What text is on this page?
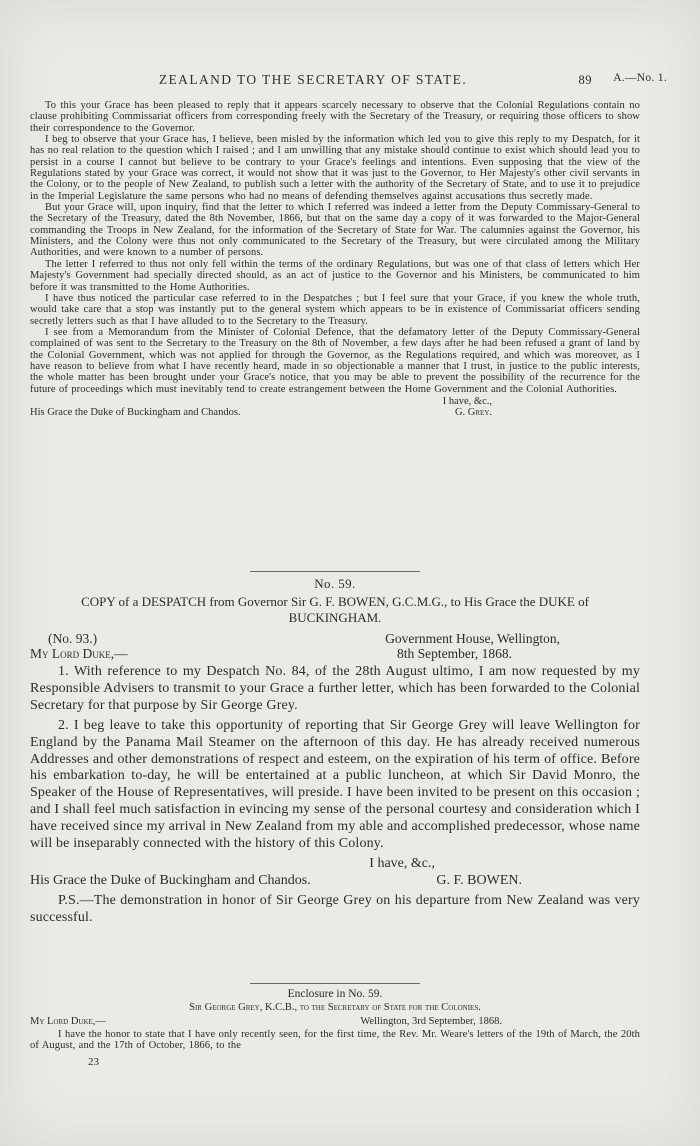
ZEALAND TO THE SECRETARY OF STATE.	89 A.—No. 1.

To this your Grace has been pleased to reply that it appears scarcely necessary to observe that the Colonial Regulations contain no clause prohibiting Commissariat officers from corresponding freely with the Secretary of the Treasury, or requiring those officers to show their correspondence to the Governor.

I beg to observe that your Grace has, I believe, been misled by the information which led you to give this reply to my Despatch, for it has no real relation to the question which I raised ; and I am unwilling that any mistake should continue to exist which should lead you to persist in a course I cannot but believe to be contrary to your Grace's feelings and intentions. Even supposing that the view of the Regulations stated by your Grace was correct, it would not show that it was just to the Governor, to Her Majesty's other civil servants in the Colony, or to the people of New Zealand, to publish such a letter with the authority of the Secretary of State, and to use it to prejudice in the Imperial Legislature the same persons who had no means of defending themselves against accusations thus secretly made.

But your Grace will, upon inquiry, find that the letter to which I referred was indeed a letter from the Deputy Commissary-General to the Secretary of the Treasury, dated the 8th November, 1866, but that on the same day a copy of it was forwarded to the Major-General commanding the Troops in New Zealand, for the information of the Secretary of State for War. The calumnies against the Governor, his Ministers, and the Colony were thus not only communicated to the Secretary of the Treasury, but were circulated among the Military Authorities, and were known to a number of persons.

The letter I referred to thus not only fell within the terms of the ordinary Regulations, but was one of that class of letters which Her Majesty's Government had specially directed should, as an act of justice to the Governor and his Ministers, be communicated to him before it was transmitted to the Home Authorities.

I have thus noticed the particular case referred to in the Despatches ; but I feel sure that your Grace, if you knew the whole truth, would take care that a stop was instantly put to the general system which appears to be in existence of Commissariat officers sending secretly letters such as that I have alluded to to the Secretary to the Treasury.

I see from a Memorandum from the Minister of Colonial Defence, that the defamatory letter of the Deputy Commissary-General complained of was sent to the Secretary to the Treasury on the 8th of November, a few days after he had been refused a grant of land by the Colonial Government, which was not applied for through the Governor, as the Regulations required, and which was moreover, as I have reason to believe from what I have recently heard, made in so objectionable a manner that I trust, in justice to the public interests, the whole matter has been brought under your Grace's notice, that you may be able to prevent the possibility of the recurrence for the future of proceedings which must inevitably tend to create estrangement between the Home Government and the Colonial Authorities.

I have, &c.,
His Grace the Duke of Buckingham and Chandos.	G. Grey.
No. 59.
COPY of a DESPATCH from Governor Sir G. F. BOWEN, G.C.M.G., to His Grace the DUKE of BUCKINGHAM.
(No. 93.)	Government House, Wellington,
My Lord Duke,—	8th September, 1868.

1. With reference to my Despatch No. 84, of the 28th August ultimo, I am now requested by my Responsible Advisers to transmit to your Grace a further letter, which has been forwarded to the Colonial Secretary for that purpose by Sir George Grey.

2. I beg leave to take this opportunity of reporting that Sir George Grey will leave Wellington for England by the Panama Mail Steamer on the afternoon of this day. He has already received numerous Addresses and other demonstrations of respect and esteem, on the expiration of his term of office. Before his embarkation to-day, he will be entertained at a public luncheon, at which Sir David Monro, the Speaker of the House of Representatives, will preside. I have been invited to be present on this occasion ; and I shall feel much satisfaction in evincing my sense of the personal courtesy and consideration which I have received since my arrival in New Zealand from my able and accomplished predecessor, whose name will be inseparably connected with the history of this Colony.

I have, &c.,
His Grace the Duke of Buckingham and Chandos.	G. F. BOWEN.

P.S.—The demonstration in honor of Sir George Grey on his departure from New Zealand was very successful.

Enclosure in No. 59.
Sir George Grey, K.C.B., to the Secretary of State for the Colonies.
My Lord Duke,—	Wellington, 3rd September, 1868.

I have the honor to state that I have only recently seen, for the first time, the Rev. Mr. Weare's letters of the 19th of March, the 20th of August, and the 17th of October, 1866, to the

23
